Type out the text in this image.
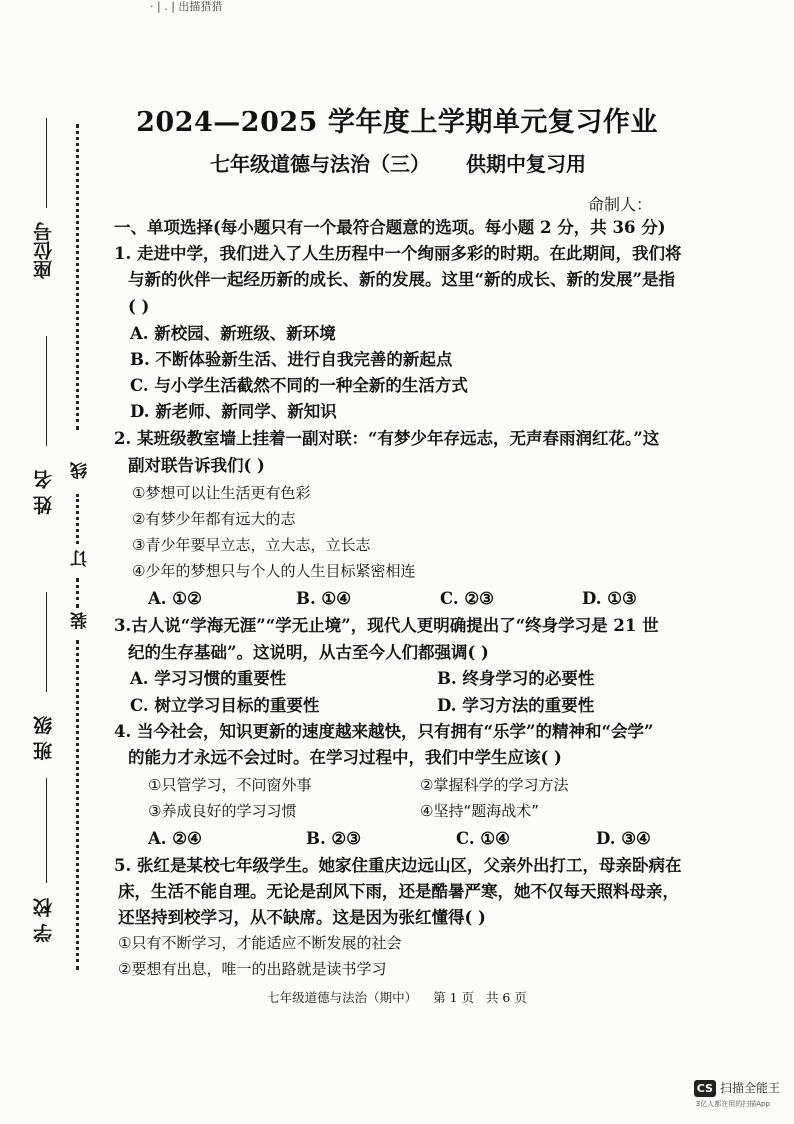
· | . | 出描猎猎
座位号
姓 名
班 级
学 校
线
订
装
2024—2025 学年度上学期单元复习作业
七年级道德与法治（三） 供期中复习用
命制人：
一、单项选择(每小题只有一个最符合题意的选项。每小题 2 分，共 36 分)
1. 走进中学，我们进入了人生历程中一个绚丽多彩的时期。在此期间，我们将
与新的伙伴一起经历新的成长、新的发展。这里“新的成长、新的发展”是指
( )
A. 新校园、新班级、新环境
B. 不断体验新生活、进行自我完善的新起点
C. 与小学生活截然不同的一种全新的生活方式
D. 新老师、新同学、新知识
2. 某班级教室墙上挂着一副对联：“有梦少年存远志，无声春雨润红花。”这
副对联告诉我们( )
①梦想可以让生活更有色彩
②有梦少年都有远大的志
③青少年要早立志，立大志，立长志
④少年的梦想只与个人的人生目标紧密相连
A. ①②	B. ①④	C. ②③	D. ①③
3.古人说“学海无涯”“学无止境”，现代人更明确提出了“终身学习是 21 世
纪的生存基础”。这说明，从古至今人们都强调( )
A. 学习习惯的重要性	B. 终身学习的必要性
C. 树立学习目标的重要性	D. 学习方法的重要性
4. 当今社会，知识更新的速度越来越快，只有拥有“乐学”的精神和“会学”
的能力才永远不会过时。在学习过程中，我们中学生应该( )
①只管学习，不问窗外事	②掌握科学的学习方法
③养成良好的学习习惯	④坚持“题海战术”
A. ②④	B. ②③	C. ①④	D. ③④
5. 张红是某校七年级学生。她家住重庆边远山区，父亲外出打工，母亲卧病在
床，生活不能自理。无论是刮风下雨，还是酷暑严寒，她不仅每天照料母亲，
还坚持到校学习，从不缺席。这是因为张红懂得( )
①只有不断学习，才能适应不断发展的社会
②要想有出息，唯一的出路就是读书学习
七年级道德与法治（期中） 第 1 页 共 6 页
CS 扫描全能王
3亿人都在用的扫描App
